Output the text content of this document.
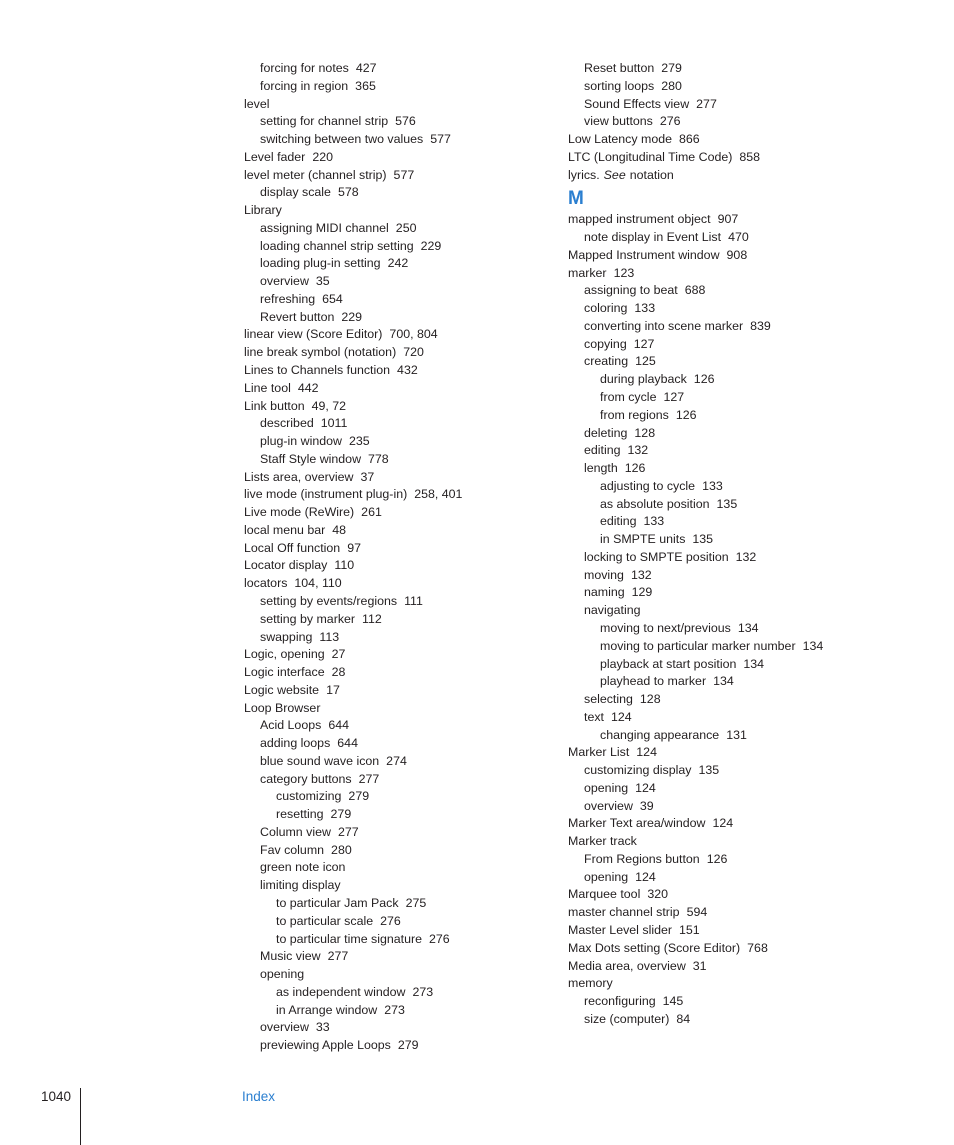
forcing for notes 427
forcing in region 365
level
setting for channel strip 576
switching between two values 577
Level fader 220
level meter (channel strip) 577
display scale 578
Library
assigning MIDI channel 250
loading channel strip setting 229
loading plug-in setting 242
overview 35
refreshing 654
Revert button 229
linear view (Score Editor) 700, 804
line break symbol (notation) 720
Lines to Channels function 432
Line tool 442
Link button 49, 72
described 1011
plug-in window 235
Staff Style window 778
Lists area, overview 37
live mode (instrument plug-in) 258, 401
Live mode (ReWire) 261
local menu bar 48
Local Off function 97
Locator display 110
locators 104, 110
setting by events/regions 111
setting by marker 112
swapping 113
Logic, opening 27
Logic interface 28
Logic website 17
Loop Browser
Acid Loops 644
adding loops 644
blue sound wave icon 274
category buttons 277
customizing 279
resetting 279
Column view 277
Fav column 280
green note icon
limiting display
to particular Jam Pack 275
to particular scale 276
to particular time signature 276
Music view 277
opening
as independent window 273
in Arrange window 273
overview 33
previewing Apple Loops 279
Reset button 279
sorting loops 280
Sound Effects view 277
view buttons 276
Low Latency mode 866
LTC (Longitudinal Time Code) 858
lyrics. See notation
M
mapped instrument object 907
note display in Event List 470
Mapped Instrument window 908
marker 123
assigning to beat 688
coloring 133
converting into scene marker 839
copying 127
creating 125
during playback 126
from cycle 127
from regions 126
deleting 128
editing 132
length 126
adjusting to cycle 133
as absolute position 135
editing 133
in SMPTE units 135
locking to SMPTE position 132
moving 132
naming 129
navigating
moving to next/previous 134
moving to particular marker number 134
playback at start position 134
playhead to marker 134
selecting 128
text 124
changing appearance 131
Marker List 124
customizing display 135
opening 124
overview 39
Marker Text area/window 124
Marker track
From Regions button 126
opening 124
Marquee tool 320
master channel strip 594
Master Level slider 151
Max Dots setting (Score Editor) 768
Media area, overview 31
memory
reconfiguring 145
size (computer) 84
1040	Index
